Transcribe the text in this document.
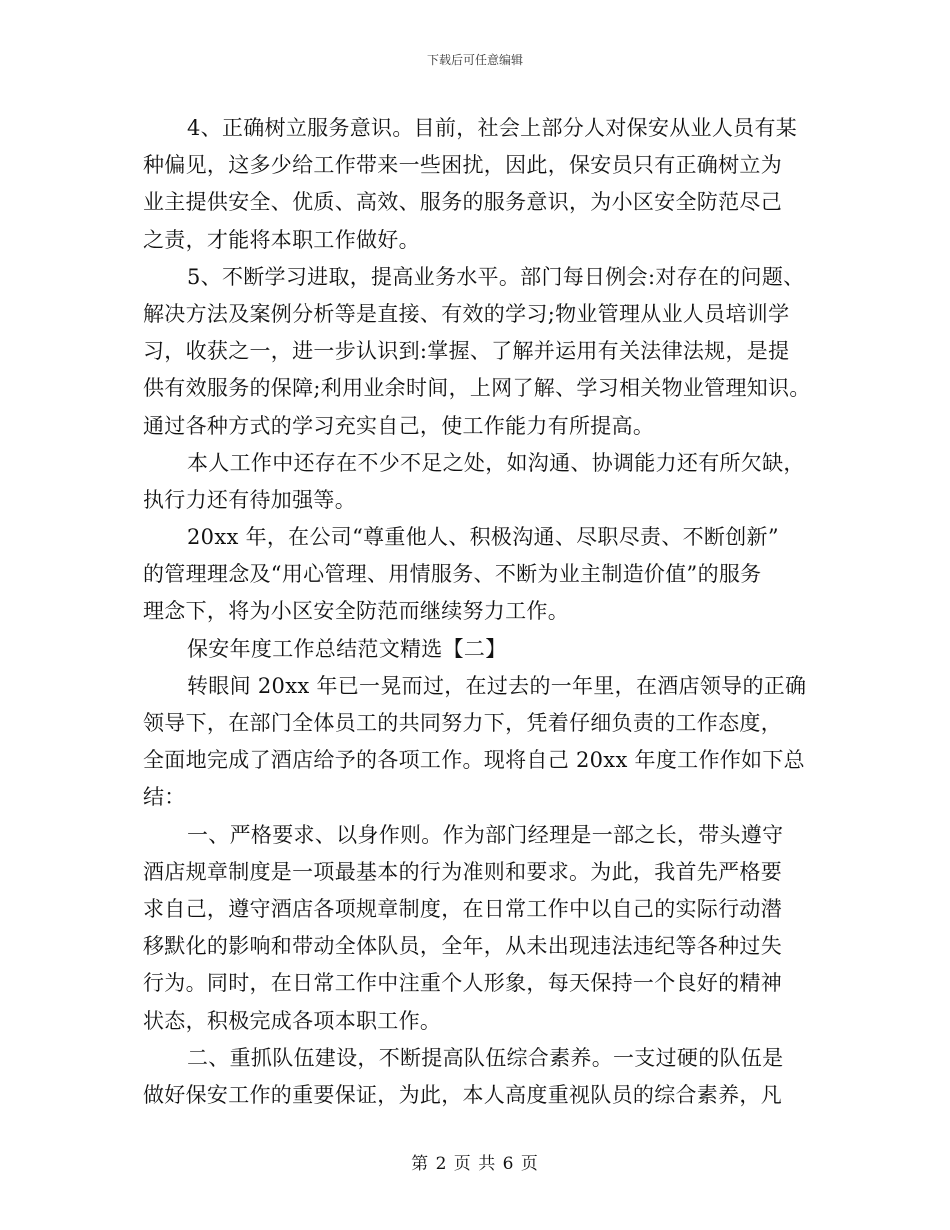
下载后可任意编辑

4、正确树立服务意识。目前，社会上部分人对保安从业人员有某
种偏见，这多少给工作带来一些困扰，因此，保安员只有正确树立为
业主提供安全、优质、高效、服务的服务意识，为小区安全防范尽己
之责，才能将本职工作做好。

5、不断学习进取，提高业务水平。部门每日例会:对存在的问题、
解决方法及案例分析等是直接、有效的学习;物业管理从业人员培训学
习，收获之一，进一步认识到:掌握、了解并运用有关法律法规，是提
供有效服务的保障;利用业余时间，上网了解、学习相关物业管理知识。
通过各种方式的学习充实自己，使工作能力有所提高。

本人工作中还存在不少不足之处，如沟通、协调能力还有所欠缺，
执行力还有待加强等。

20xx 年，在公司“尊重他人、积极沟通、尽职尽责、不断创新”
的管理理念及“用心管理、用情服务、不断为业主制造价值”的服务
理念下，将为小区安全防范而继续努力工作。

保安年度工作总结范文精选【二】

转眼间 20xx 年已一晃而过，在过去的一年里，在酒店领导的正确
领导下，在部门全体员工的共同努力下，凭着仔细负责的工作态度，
全面地完成了酒店给予的各项工作。现将自己 20xx 年度工作作如下总
结：

一、严格要求、以身作则。作为部门经理是一部之长，带头遵守
酒店规章制度是一项最基本的行为准则和要求。为此，我首先严格要
求自己，遵守酒店各项规章制度，在日常工作中以自己的实际行动潜
移默化的影响和带动全体队员，全年，从未出现违法违纪等各种过失
行为。同时，在日常工作中注重个人形象，每天保持一个良好的精神
状态，积极完成各项本职工作。

二、重抓队伍建设，不断提高队伍综合素养。一支过硬的队伍是
做好保安工作的重要保证，为此，本人高度重视队员的综合素养，凡

第 2 页 共 6 页
